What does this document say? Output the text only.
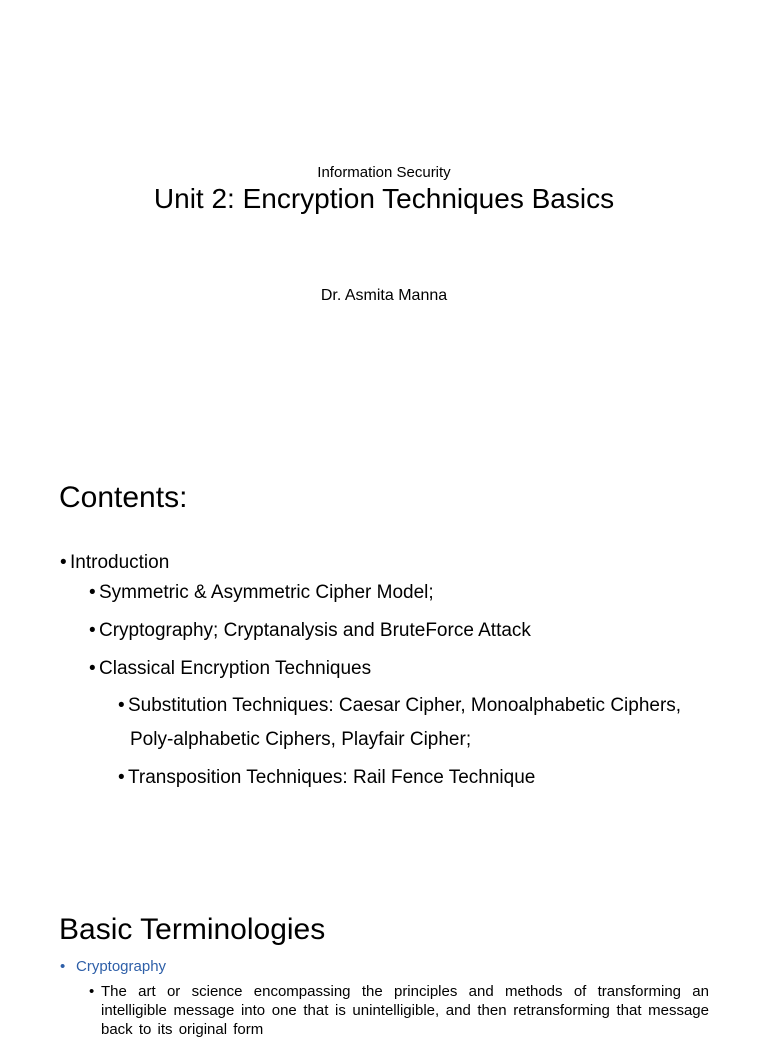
Information Security
Unit 2: Encryption Techniques Basics
Dr. Asmita Manna
Contents:
• Introduction
• Symmetric & Asymmetric Cipher Model;
• Cryptography; Cryptanalysis and BruteForce Attack
• Classical Encryption Techniques
• Substitution Techniques: Caesar Cipher, Monoalphabetic Ciphers,
Poly-alphabetic Ciphers, Playfair Cipher;
• Transposition Techniques: Rail Fence Technique
Basic Terminologies
• Cryptography
• The art or science encompassing the principles and methods of transforming an intelligible message into one that is unintelligible, and then retransforming that message back to its original form
